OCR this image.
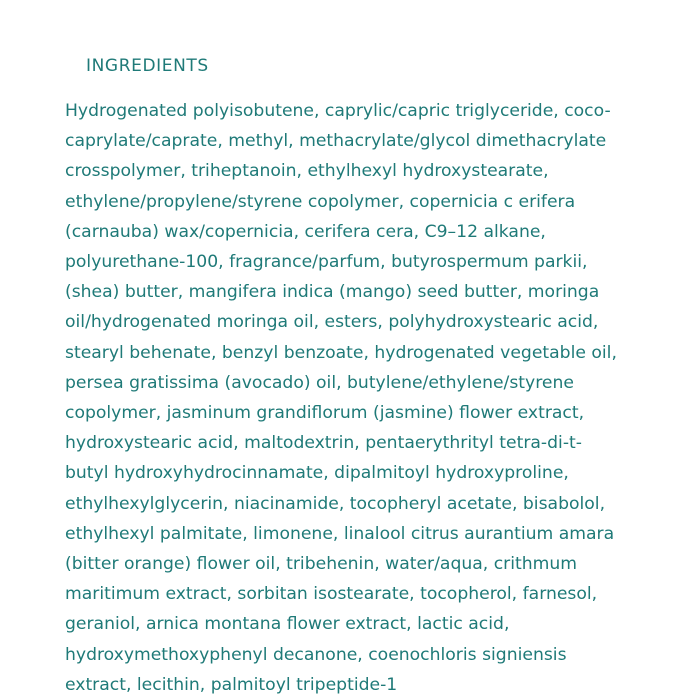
INGREDIENTS
Hydrogenated polyisobutene, caprylic/capric triglyceride, coco-caprylate/caprate, methyl, methacrylate/glycol dimethacrylate crosspolymer, triheptanoin, ethylhexyl hydroxystearate, ethylene/propylene/styrene copolymer, copernicia c erifera (carnauba) wax/copernicia, cerifera cera, C9–12 alkane, polyurethane-100, fragrance/parfum, butyrospermum parkii, (shea) butter, mangifera indica (mango) seed butter, moringa oil/hydrogenated moringa oil, esters, polyhydroxystearic acid, stearyl behenate, benzyl benzoate, hydrogenated vegetable oil, persea gratissima (avocado) oil, butylene/ethylene/styrene copolymer, jasminum grandiflorum (jasmine) flower extract, hydroxystearic acid, maltodextrin, pentaerythrityl tetra-di-t-butyl hydroxyhydrocinnamate, dipalmitoyl hydroxyproline, ethylhexylglycerin, niacinamide, tocopheryl acetate, bisabolol, ethylhexyl palmitate, limonene, linalool citrus aurantium amara (bitter orange) flower oil, tribehenin, water/aqua, crithmum maritimum extract, sorbitan isostearate, tocopherol, farnesol, geraniol, arnica montana flower extract, lactic acid, hydroxymethoxyphenyl decanone, coenochloris signiensis extract, lecithin, palmitoyl tripeptide-1
